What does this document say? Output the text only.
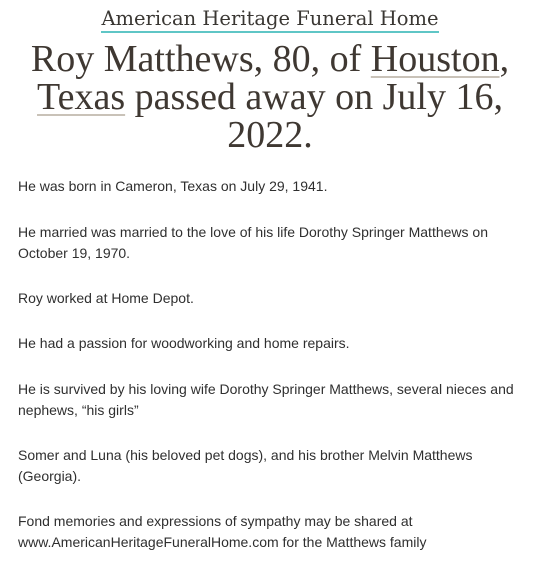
American Heritage Funeral Home
Roy Matthews, 80, of Houston,
Texas passed away on July 16,
2022.

He was born in Cameron, Texas on July 29, 1941.

He married was married to the love of his life Dorothy Springer Matthews on October 19, 1970.

Roy worked at Home Depot.

He had a passion for woodworking and home repairs.

He is survived by his loving wife Dorothy Springer Matthews, several nieces and nephews, “his girls”

Somer and Luna (his beloved pet dogs), and his brother Melvin Matthews (Georgia).

Fond memories and expressions of sympathy may be shared at www.AmericanHeritageFuneralHome.com for the Matthews family
